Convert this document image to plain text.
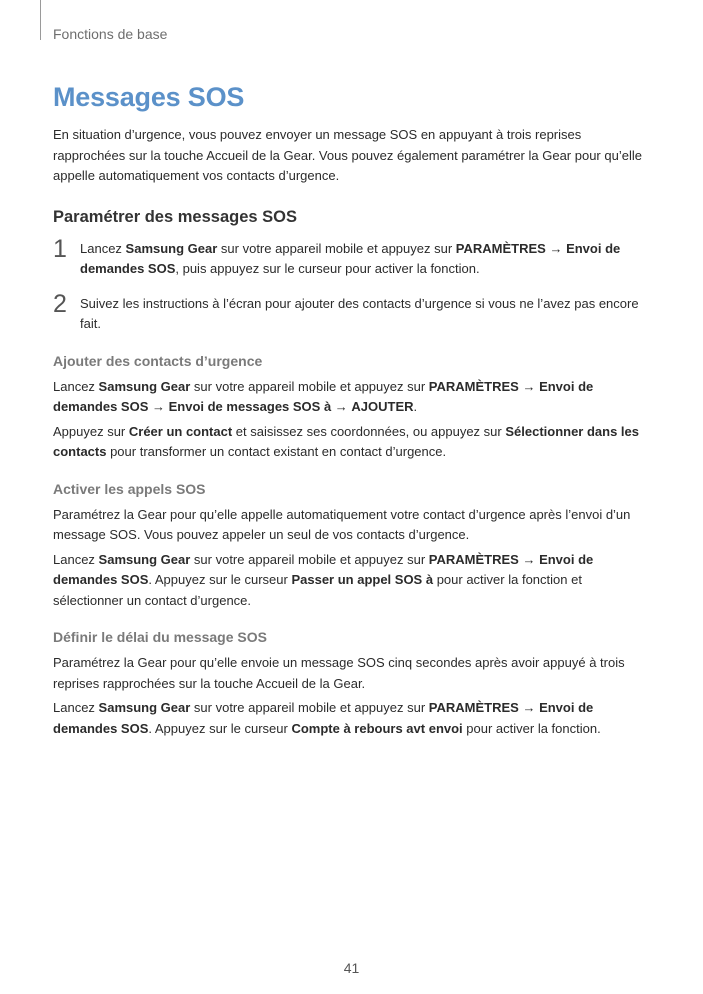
Fonctions de base
Messages SOS

En situation d’urgence, vous pouvez envoyer un message SOS en appuyant à trois reprises rapprochées sur la touche Accueil de la Gear. Vous pouvez également paramétrer la Gear pour qu’elle appelle automatiquement vos contacts d’urgence.

Paramétrer des messages SOS
1 Lancez Samsung Gear sur votre appareil mobile et appuyez sur PARAMÈTRES → Envoi de demandes SOS, puis appuyez sur le curseur pour activer la fonction.

2 Suivez les instructions à l’écran pour ajouter des contacts d’urgence si vous ne l’avez pas encore fait.

Ajouter des contacts d’urgence

Lancez Samsung Gear sur votre appareil mobile et appuyez sur PARAMÈTRES → Envoi de demandes SOS → Envoi de messages SOS à → AJOUTER.

Appuyez sur Créer un contact et saisissez ses coordonnées, ou appuyez sur Sélectionner dans les contacts pour transformer un contact existant en contact d’urgence.

Activer les appels SOS

Paramétrez la Gear pour qu’elle appelle automatiquement votre contact d’urgence après l’envoi d’un message SOS. Vous pouvez appeler un seul de vos contacts d’urgence.

Lancez Samsung Gear sur votre appareil mobile et appuyez sur PARAMÈTRES → Envoi de demandes SOS. Appuyez sur le curseur Passer un appel SOS à pour activer la fonction et sélectionner un contact d’urgence.

Définir le délai du message SOS

Paramétrez la Gear pour qu’elle envoie un message SOS cinq secondes après avoir appuyé à trois reprises rapprochées sur la touche Accueil de la Gear.

Lancez Samsung Gear sur votre appareil mobile et appuyez sur PARAMÈTRES → Envoi de demandes SOS. Appuyez sur le curseur Compte à rebours avt envoi pour activer la fonction.

41
